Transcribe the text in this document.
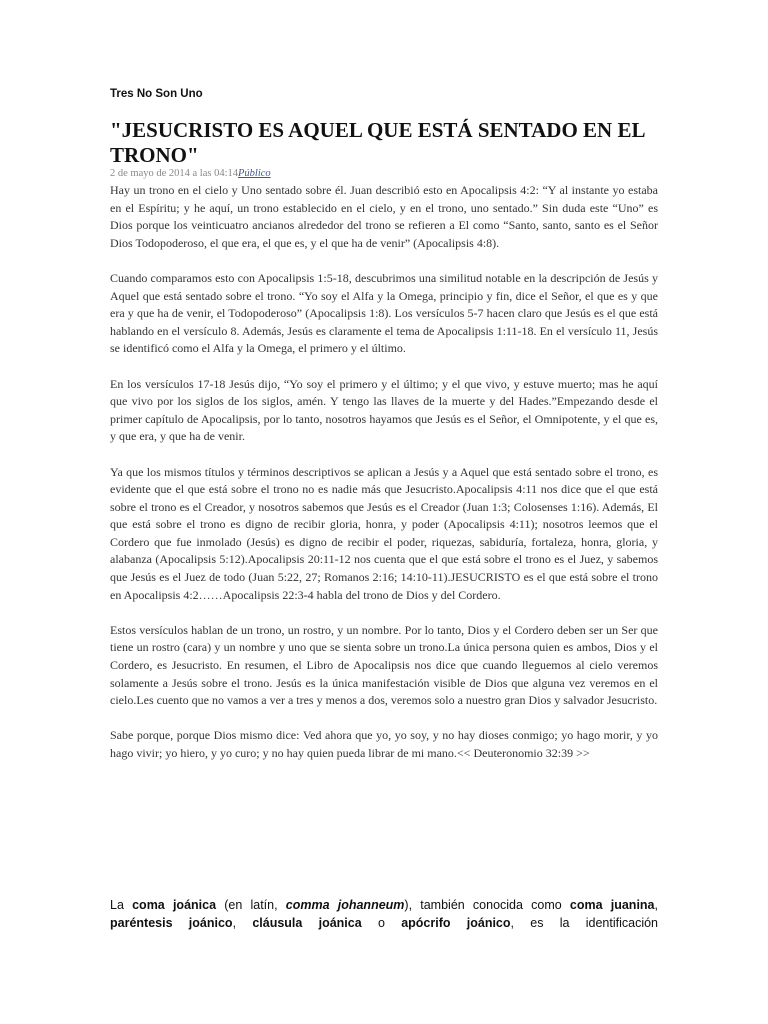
Tres No Son Uno
"JESUCRISTO ES AQUEL QUE ESTÁ SENTADO EN EL TRONO"
2 de mayo de 2014 a las 04:14Público

Hay un trono en el cielo y Uno sentado sobre él. Juan describió esto en Apocalipsis 4:2: “Y al instante yo estaba en el Espíritu; y he aquí, un trono establecido en el cielo, y en el trono, uno sentado.” Sin duda este “Uno” es Dios porque los veinticuatro ancianos alrededor del trono se refieren a El como “Santo, santo, santo es el Señor Dios Todopoderoso, el que era, el que es, y el que ha de venir” (Apocalipsis 4:8).

Cuando comparamos esto con Apocalipsis 1:5-18, descubrimos una similitud notable en la descripción de Jesús y Aquel que está sentado sobre el trono. “Yo soy el Alfa y la Omega, principio y fin, dice el Señor, el que es y que era y que ha de venir, el Todopoderoso” (Apocalipsis 1:8). Los versículos 5-7 hacen claro que Jesús es el que está hablando en el versículo 8. Además, Jesús es claramente el tema de Apocalipsis 1:11-18. En el versículo 11, Jesús se identificó como el Alfa y la Omega, el primero y el último.

En los versículos 17-18 Jesús dijo, “Yo soy el primero y el último; y el que vivo, y estuve muerto; mas he aquí que vivo por los siglos de los siglos, amén. Y tengo las llaves de la muerte y del Hades.”Empezando desde el primer capítulo de Apocalipsis, por lo tanto, nosotros hayamos que Jesús es el Señor, el Omnipotente, y el que es, y que era, y que ha de venir.

Ya que los mismos títulos y términos descriptivos se aplican a Jesús y a Aquel que está sentado sobre el trono, es evidente que el que está sobre el trono no es nadie más que Jesucristo.Apocalipsis 4:11 nos dice que el que está sobre el trono es el Creador, y nosotros sabemos que Jesús es el Creador (Juan 1:3; Colosenses 1:16). Además, El que está sobre el trono es digno de recibir gloria, honra, y poder (Apocalipsis 4:11); nosotros leemos que el Cordero que fue inmolado (Jesús) es digno de recibir el poder, riquezas, sabiduría, fortaleza, honra, gloria, y alabanza (Apocalipsis 5:12).Apocalipsis 20:11-12 nos cuenta que el que está sobre el trono es el Juez, y sabemos que Jesús es el Juez de todo (Juan 5:22, 27; Romanos 2:16; 14:10-11).JESUCRISTO es el que está sobre el trono en Apocalipsis 4:2……Apocalipsis 22:3-4 habla del trono de Dios y del Cordero.

Estos versículos hablan de un trono, un rostro, y un nombre. Por lo tanto, Dios y el Cordero deben ser un Ser que tiene un rostro (cara) y un nombre y uno que se sienta sobre un trono.La única persona quien es ambos, Dios y el Cordero, es Jesucristo. En resumen, el Libro de Apocalipsis nos dice que cuando lleguemos al cielo veremos solamente a Jesús sobre el trono. Jesús es la única manifestación visible de Dios que alguna vez veremos en el cielo.Les cuento que no vamos a ver a tres y menos a dos, veremos solo a nuestro gran Dios y salvador Jesucristo.

Sabe porque, porque Dios mismo dice: Ved ahora que yo, yo soy, y no hay dioses conmigo; yo hago morir, y yo hago vivir; yo hiero, y yo curo; y no hay quien pueda librar de mi mano.<< Deuteronomio 32:39 >>

La coma joánica (en latín, comma johanneum), también conocida como coma juanina, paréntesis joánico, cláusula joánica o apócrifo joánico, es la identificación
